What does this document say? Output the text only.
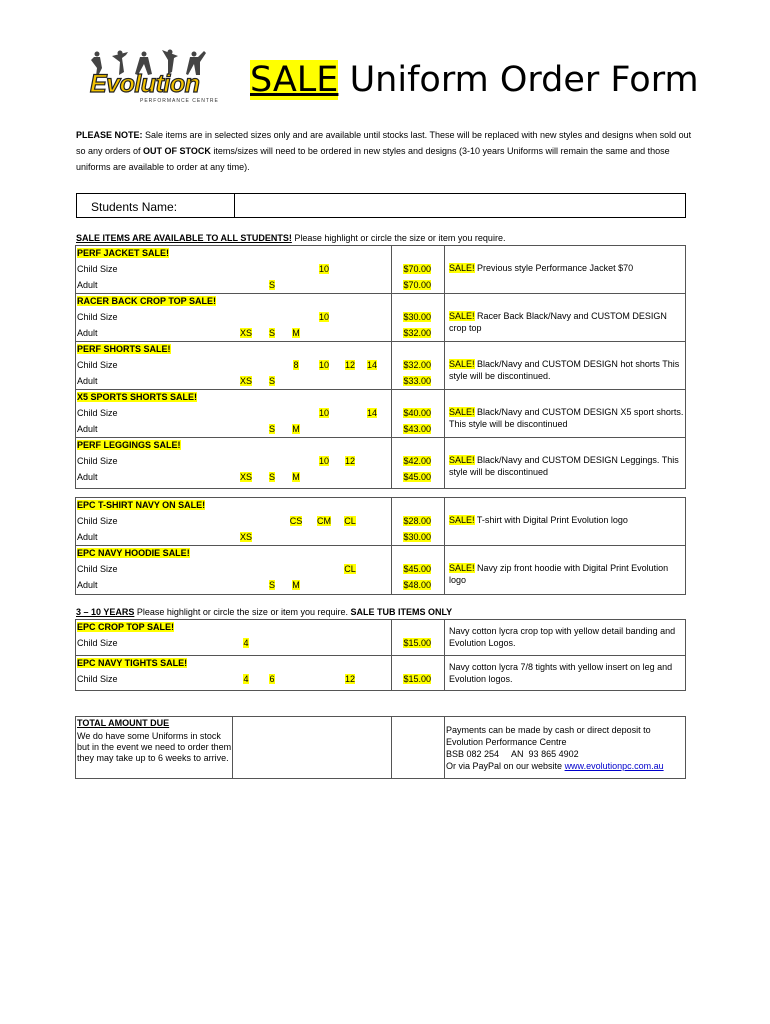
Evolution
PERFORMANCE CENTRE
SALE Uniform Order Form
PLEASE NOTE: Sale items are in selected sizes only and are available until stocks last. These will be replaced with new styles and designs when sold out so any orders of OUT OF STOCK items/sizes will need to be ordered in new styles and designs (3-10 years Uniforms will remain the same and those uniforms are available to order at any time).
Students Name:
SALE ITEMS ARE AVAILABLE TO ALL STUDENTS! Please highlight or circle the size or item you require.
3 – 10 YEARS Please highlight or circle the size or item you require. SALE TUB ITEMS ONLY
TOTAL AMOUNT DUE
We do have some Uniforms in stock but in the event we need to order them they may take up to 6 weeks to arrive.
Payments can be made by cash or direct deposit to Evolution Performance Centre
BSB 082 254     AN  93 865 4902
Or via PayPal on our website www.evolutionpc.com.au
PERF JACKET SALE!
Child Size	10	$70.00
Adult	S	$70.00
SALE! Previous style Performance Jacket $70
RACER BACK CROP TOP SALE!
Child Size	10	$30.00
Adult	XS	S	M	$32.00
SALE! Racer Back Black/Navy and CUSTOM DESIGN crop top
PERF SHORTS SALE!
Child Size	8	10	12	14	$32.00
Adult	XS	S	$33.00
SALE! Black/Navy and CUSTOM DESIGN hot shorts This style will be discontinued.
X5 SPORTS SHORTS SALE!
Child Size	10	14	$40.00
Adult	S	M	$43.00
SALE! Black/Navy and CUSTOM DESIGN X5 sport shorts. This style will be discontinued
PERF LEGGINGS SALE!
Child Size	10	12	$42.00
Adult	XS	S	M	$45.00
SALE! Black/Navy and CUSTOM DESIGN Leggings. This style will be discontinued
EPC T-SHIRT NAVY ON SALE!
Child Size	CS	CM	CL	$28.00
Adult	XS	$30.00
SALE! T-shirt with Digital Print Evolution logo
EPC NAVY HOODIE SALE!
Child Size	CL	$45.00
Adult	S	M	$48.00
SALE! Navy zip front hoodie with Digital Print Evolution logo
EPC CROP TOP SALE!
Child Size	4	$15.00
Navy cotton lycra crop top with yellow detail banding and Evolution Logos.
EPC NAVY TIGHTS SALE!
Child Size	4	6	12	$15.00
Navy cotton lycra 7/8 tights with yellow insert on leg and Evolution logos.
